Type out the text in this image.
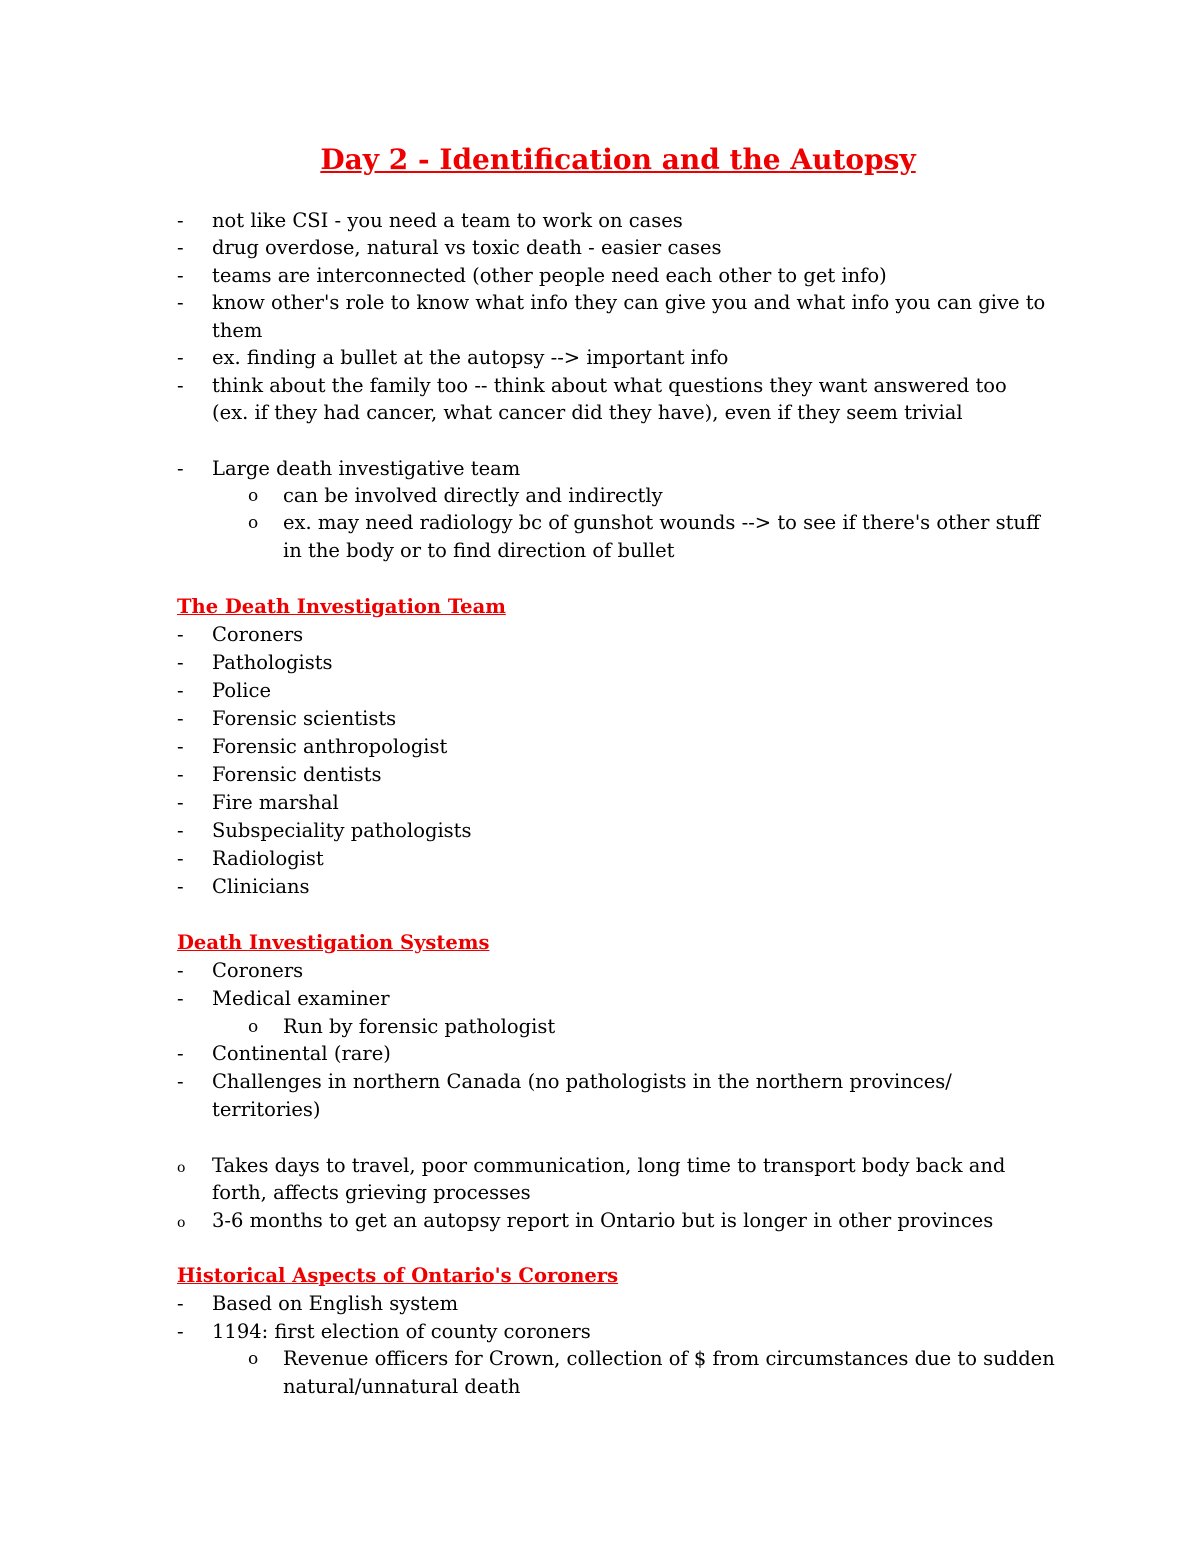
Day 2 - Identification and the Autopsy
- not like CSI - you need a team to work on cases
- drug overdose, natural vs toxic death - easier cases
- teams are interconnected (other people need each other to get info)
- know other's role to know what info they can give you and what info you can give to
them
- ex. finding a bullet at the autopsy --> important info
- think about the family too -- think about what questions they want answered too
(ex. if they had cancer, what cancer did they have), even if they seem trivial
- Large death investigative team
o can be involved directly and indirectly
o ex. may need radiology bc of gunshot wounds --> to see if there's other stuff
in the body or to find direction of bullet
The Death Investigation Team
- Coroners
- Pathologists
- Police
- Forensic scientists
- Forensic anthropologist
- Forensic dentists
- Fire marshal
- Subspeciality pathologists
- Radiologist
- Clinicians
Death Investigation Systems
- Coroners
- Medical examiner
o Run by forensic pathologist
- Continental (rare)
- Challenges in northern Canada (no pathologists in the northern provinces/
territories)
o Takes days to travel, poor communication, long time to transport body back and
forth, affects grieving processes
o 3-6 months to get an autopsy report in Ontario but is longer in other provinces
Historical Aspects of Ontario's Coroners
- Based on English system
- 1194: first election of county coroners
o Revenue officers for Crown, collection of $ from circumstances due to sudden
natural/unnatural death
